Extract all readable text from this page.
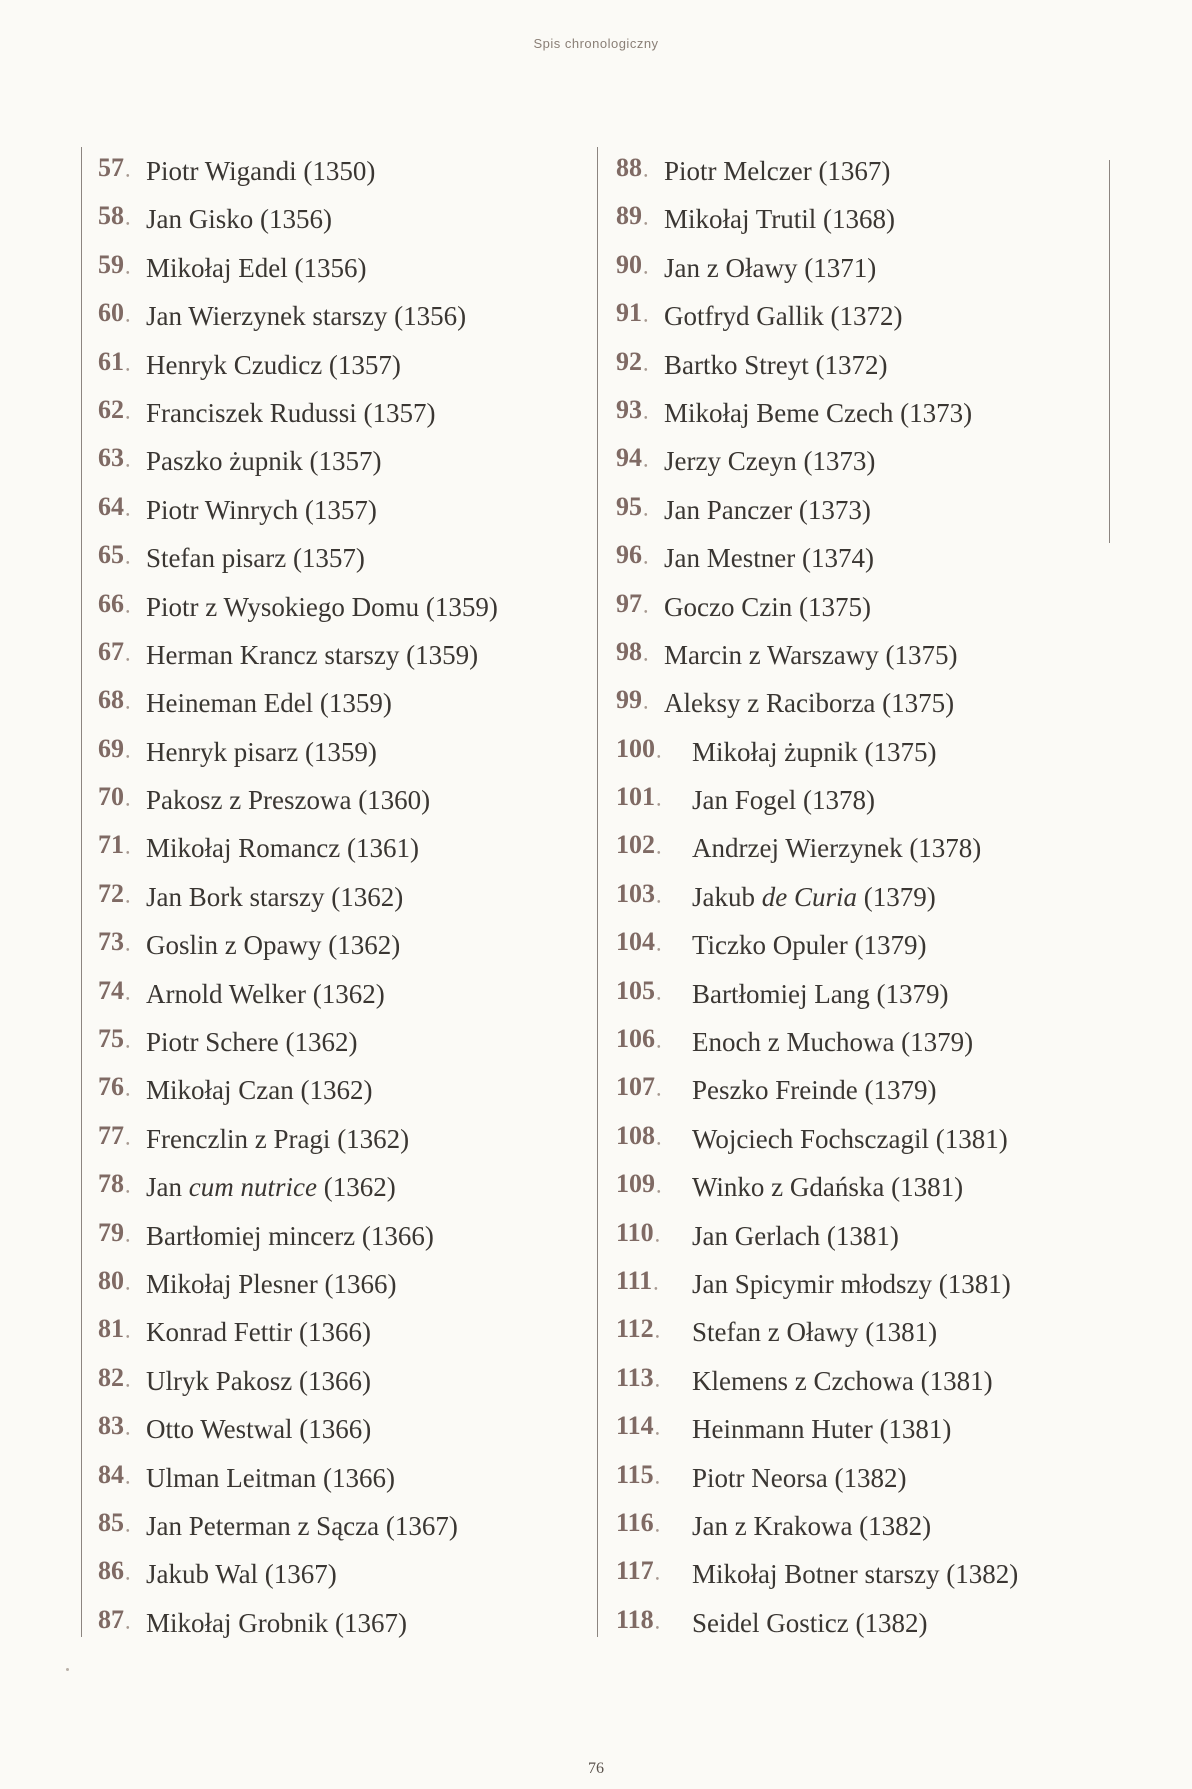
Spis chronologiczny
57 • Piotr Wigandi (1350)
58 • Jan Gisko (1356)
59 • Mikołaj Edel (1356)
60 • Jan Wierzynek starszy (1356)
61 • Henryk Czudicz (1357)
62 • Franciszek Rudussi (1357)
63 • Paszko żupnik (1357)
64 • Piotr Winrych (1357)
65 • Stefan pisarz (1357)
66 • Piotr z Wysokiego Domu (1359)
67 • Herman Krancz starszy (1359)
68 • Heineman Edel (1359)
69 • Henryk pisarz (1359)
70 • Pakosz z Preszowa (1360)
71 • Mikołaj Romancz (1361)
72 • Jan Bork starszy (1362)
73 • Goslin z Opawy (1362)
74 • Arnold Welker (1362)
75 • Piotr Schere (1362)
76 • Mikołaj Czan (1362)
77 • Frenczlin z Pragi (1362)
78 • Jan cum nutrice (1362)
79 • Bartłomiej mincerz (1366)
80 • Mikołaj Plesner (1366)
81 • Konrad Fettir (1366)
82 • Ulryk Pakosz (1366)
83 • Otto Westwal (1366)
84 • Ulman Leitman (1366)
85 • Jan Peterman z Sącza (1367)
86 • Jakub Wal (1367)
87 • Mikołaj Grobnik (1367)
88 • Piotr Melczer (1367)
89 • Mikołaj Trutil (1368)
90 • Jan z Oławy (1371)
91 • Gotfryd Gallik (1372)
92 • Bartko Streyt (1372)
93 • Mikołaj Beme Czech (1373)
94 • Jerzy Czeyn (1373)
95 • Jan Panczer (1373)
96 • Jan Mestner (1374)
97 • Goczo Czin (1375)
98 • Marcin z Warszawy (1375)
99 • Aleksy z Raciborza (1375)
100 •	Mikołaj żupnik (1375)
101 •	Jan Fogel (1378)
102 •	Andrzej Wierzynek (1378)
103 •	Jakub de Curia (1379)
104 •	Ticzko Opuler (1379)
105 •	Bartłomiej Lang (1379)
106 •	Enoch z Muchowa (1379)
107 •	Peszko Freinde (1379)
108 •	Wojciech Fochsczagil (1381)
109 •	Winko z Gdańska (1381)
110 •	Jan Gerlach (1381)
111 •	Jan Spicymir młodszy (1381)
112 •	Stefan z Oławy (1381)
113 •	Klemens z Czchowa (1381)
114 •	Heinmann Huter (1381)
115 •	Piotr Neorsa (1382)
116 •	Jan z Krakowa (1382)
117 •	Mikołaj Botner starszy (1382)
118 •	Seidel Gosticz (1382)
76
